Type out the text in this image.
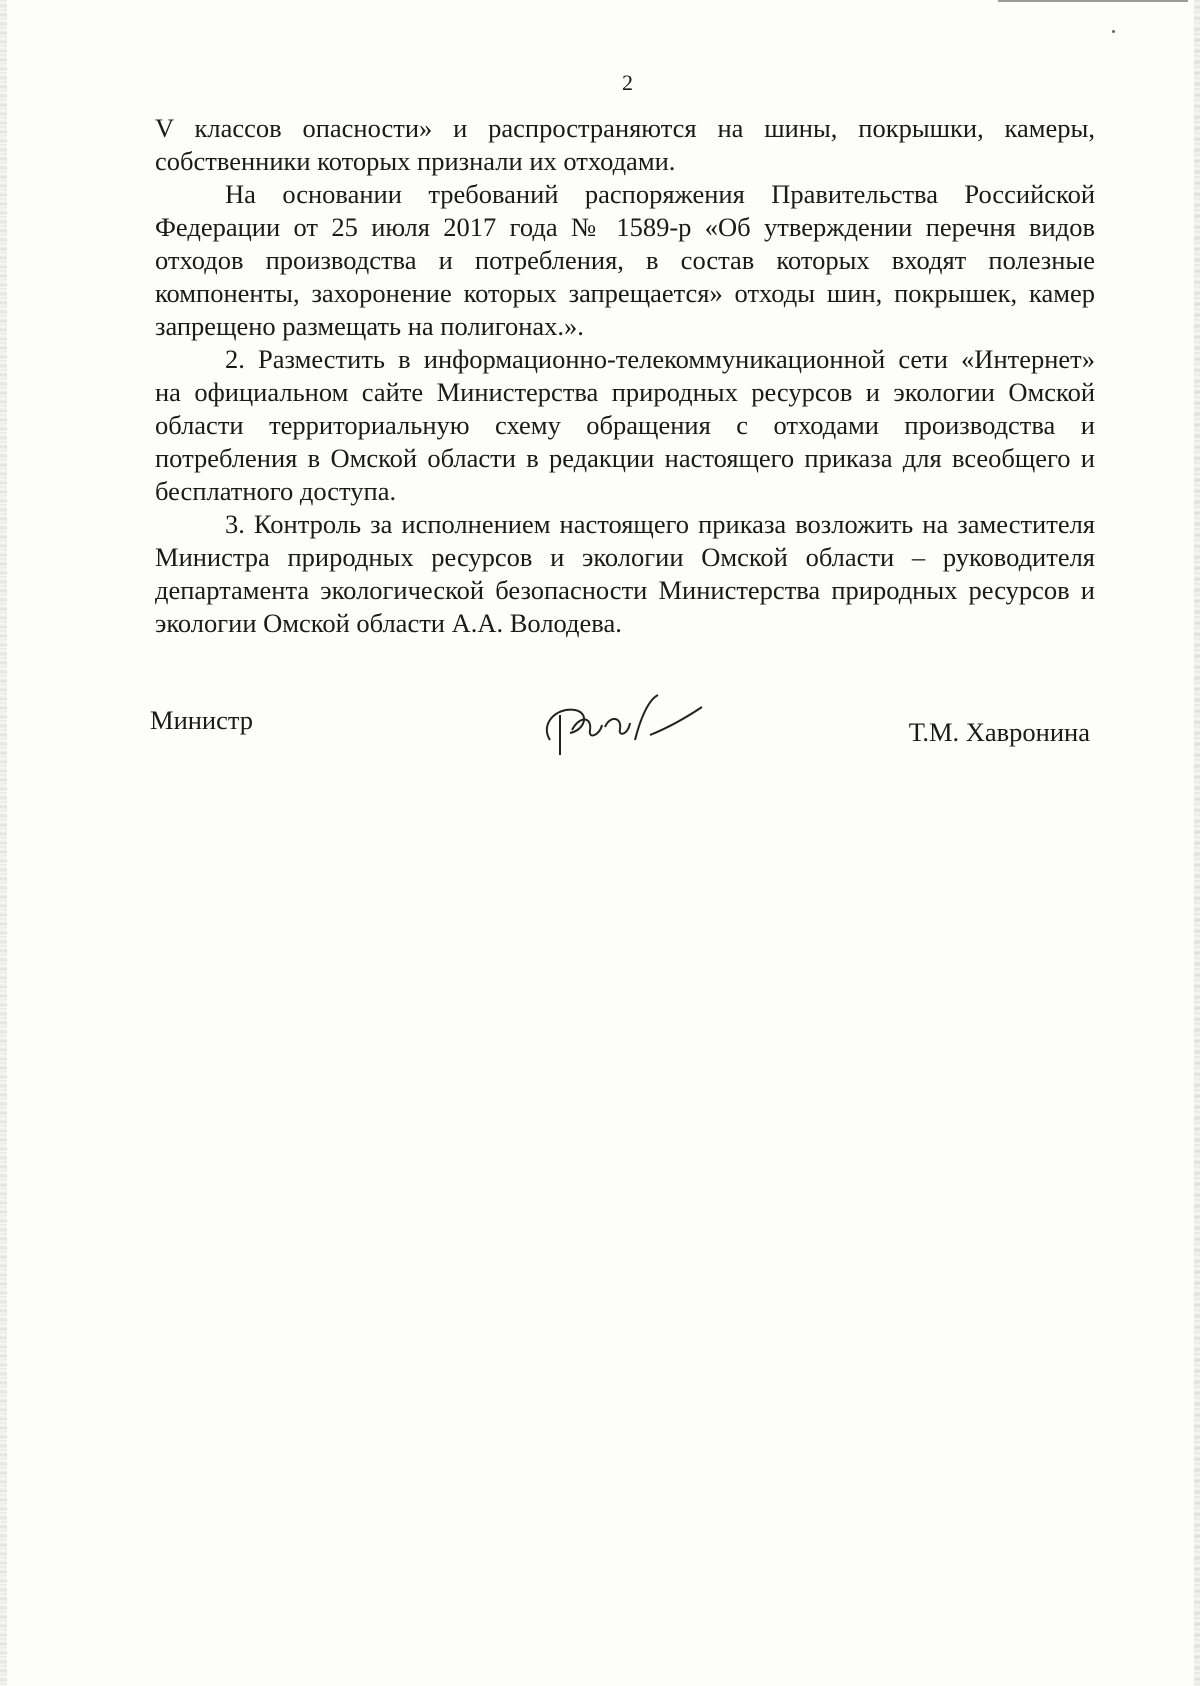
2

V классов опасности» и распространяются на шины, покрышки, камеры, собственники которых признали их отходами.

На основании требований распоряжения Правительства Российской Федерации от 25 июля 2017 года № 1589-р «Об утверждении перечня видов отходов производства и потребления, в состав которых входят полезные компоненты, захоронение которых запрещается» отходы шин, покрышек, камер запрещено размещать на полигонах.».

2. Разместить в информационно-телекоммуникационной сети «Интернет» на официальном сайте Министерства природных ресурсов и экологии Омской области территориальную схему обращения с отходами производства и потребления в Омской области в редакции настоящего приказа для всеобщего и бесплатного доступа.

3. Контроль за исполнением настоящего приказа возложить на заместителя Министра природных ресурсов и экологии Омской области – руководителя департамента экологической безопасности Министерства природных ресурсов и экологии Омской области А.А. Володева.

Министр	Т.М. Хавронина
